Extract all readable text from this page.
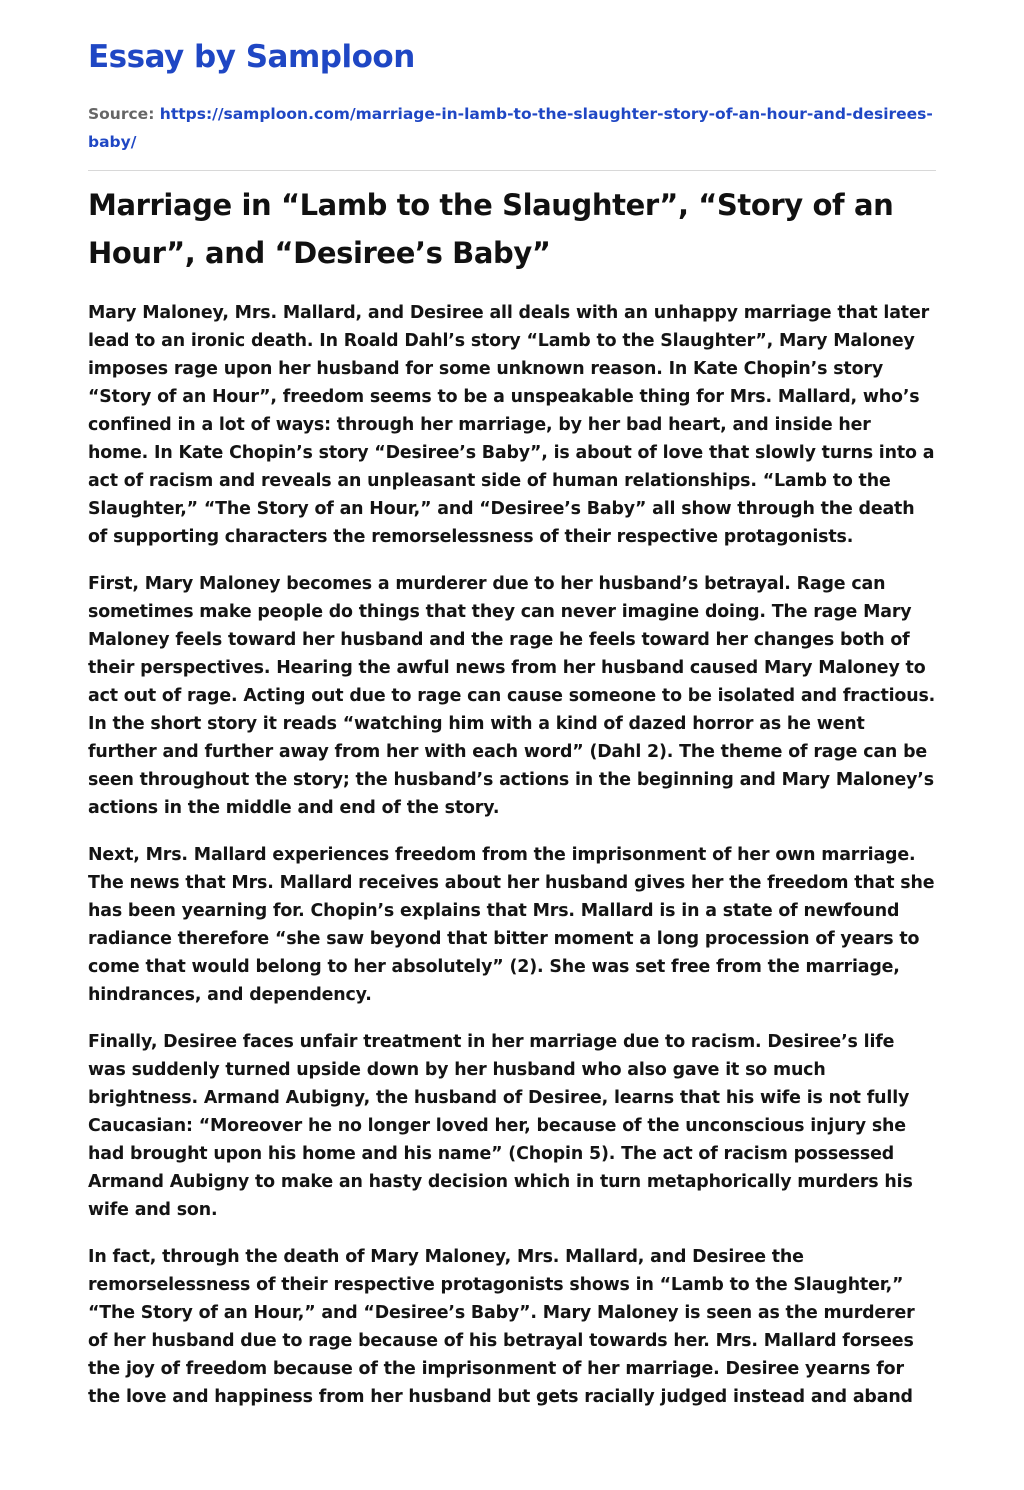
Essay by Samploon
Source: https://samploon.com/marriage-in-lamb-to-the-slaughter-story-of-an-hour-and-desirees-baby/
Marriage in “Lamb to the Slaughter”, “Story of an Hour”, and “Desiree’s Baby”

Mary Maloney, Mrs. Mallard, and Desiree all deals with an unhappy marriage that later lead to an ironic death. In Roald Dahl’s story “Lamb to the Slaughter”, Mary Maloney imposes rage upon her husband for some unknown reason. In Kate Chopin’s story “Story of an Hour”, freedom seems to be a unspeakable thing for Mrs. Mallard, who’s confined in a lot of ways: through her marriage, by her bad heart, and inside her home. In Kate Chopin’s story “Desiree’s Baby”, is about of love that slowly turns into a act of racism and reveals an unpleasant side of human relationships. “Lamb to the Slaughter,” “The Story of an Hour,” and “Desiree’s Baby” all show through the death of supporting characters the remorselessness of their respective protagonists.

First, Mary Maloney becomes a murderer due to her husband’s betrayal. Rage can sometimes make people do things that they can never imagine doing. The rage Mary Maloney feels toward her husband and the rage he feels toward her changes both of their perspectives. Hearing the awful news from her husband caused Mary Maloney to act out of rage. Acting out due to rage can cause someone to be isolated and fractious. In the short story it reads “watching him with a kind of dazed horror as he went further and further away from her with each word” (Dahl 2). The theme of rage can be seen throughout the story; the husband’s actions in the beginning and Mary Maloney’s actions in the middle and end of the story.

Next, Mrs. Mallard experiences freedom from the imprisonment of her own marriage. The news that Mrs. Mallard receives about her husband gives her the freedom that she has been yearning for. Chopin’s explains that Mrs. Mallard is in a state of newfound radiance therefore “she saw beyond that bitter moment a long procession of years to come that would belong to her absolutely” (2). She was set free from the marriage, hindrances, and dependency.

Finally, Desiree faces unfair treatment in her marriage due to racism. Desiree’s life was suddenly turned upside down by her husband who also gave it so much brightness. Armand Aubigny, the husband of Desiree, learns that his wife is not fully Caucasian: “Moreover he no longer loved her, because of the unconscious injury she had brought upon his home and his name” (Chopin 5). The act of racism possessed Armand Aubigny to make an hasty decision which in turn metaphorically murders his wife and son.

In fact, through the death of Mary Maloney, Mrs. Mallard, and Desiree the remorselessness of their respective protagonists shows in “Lamb to the Slaughter,” “The Story of an Hour,” and “Desiree’s Baby”. Mary Maloney is seen as the murderer of her husband due to rage because of his betrayal towards her. Mrs. Mallard forsees the joy of freedom because of the imprisonment of her marriage. Desiree yearns for the love and happiness from her husband but gets racially judged instead and aband
